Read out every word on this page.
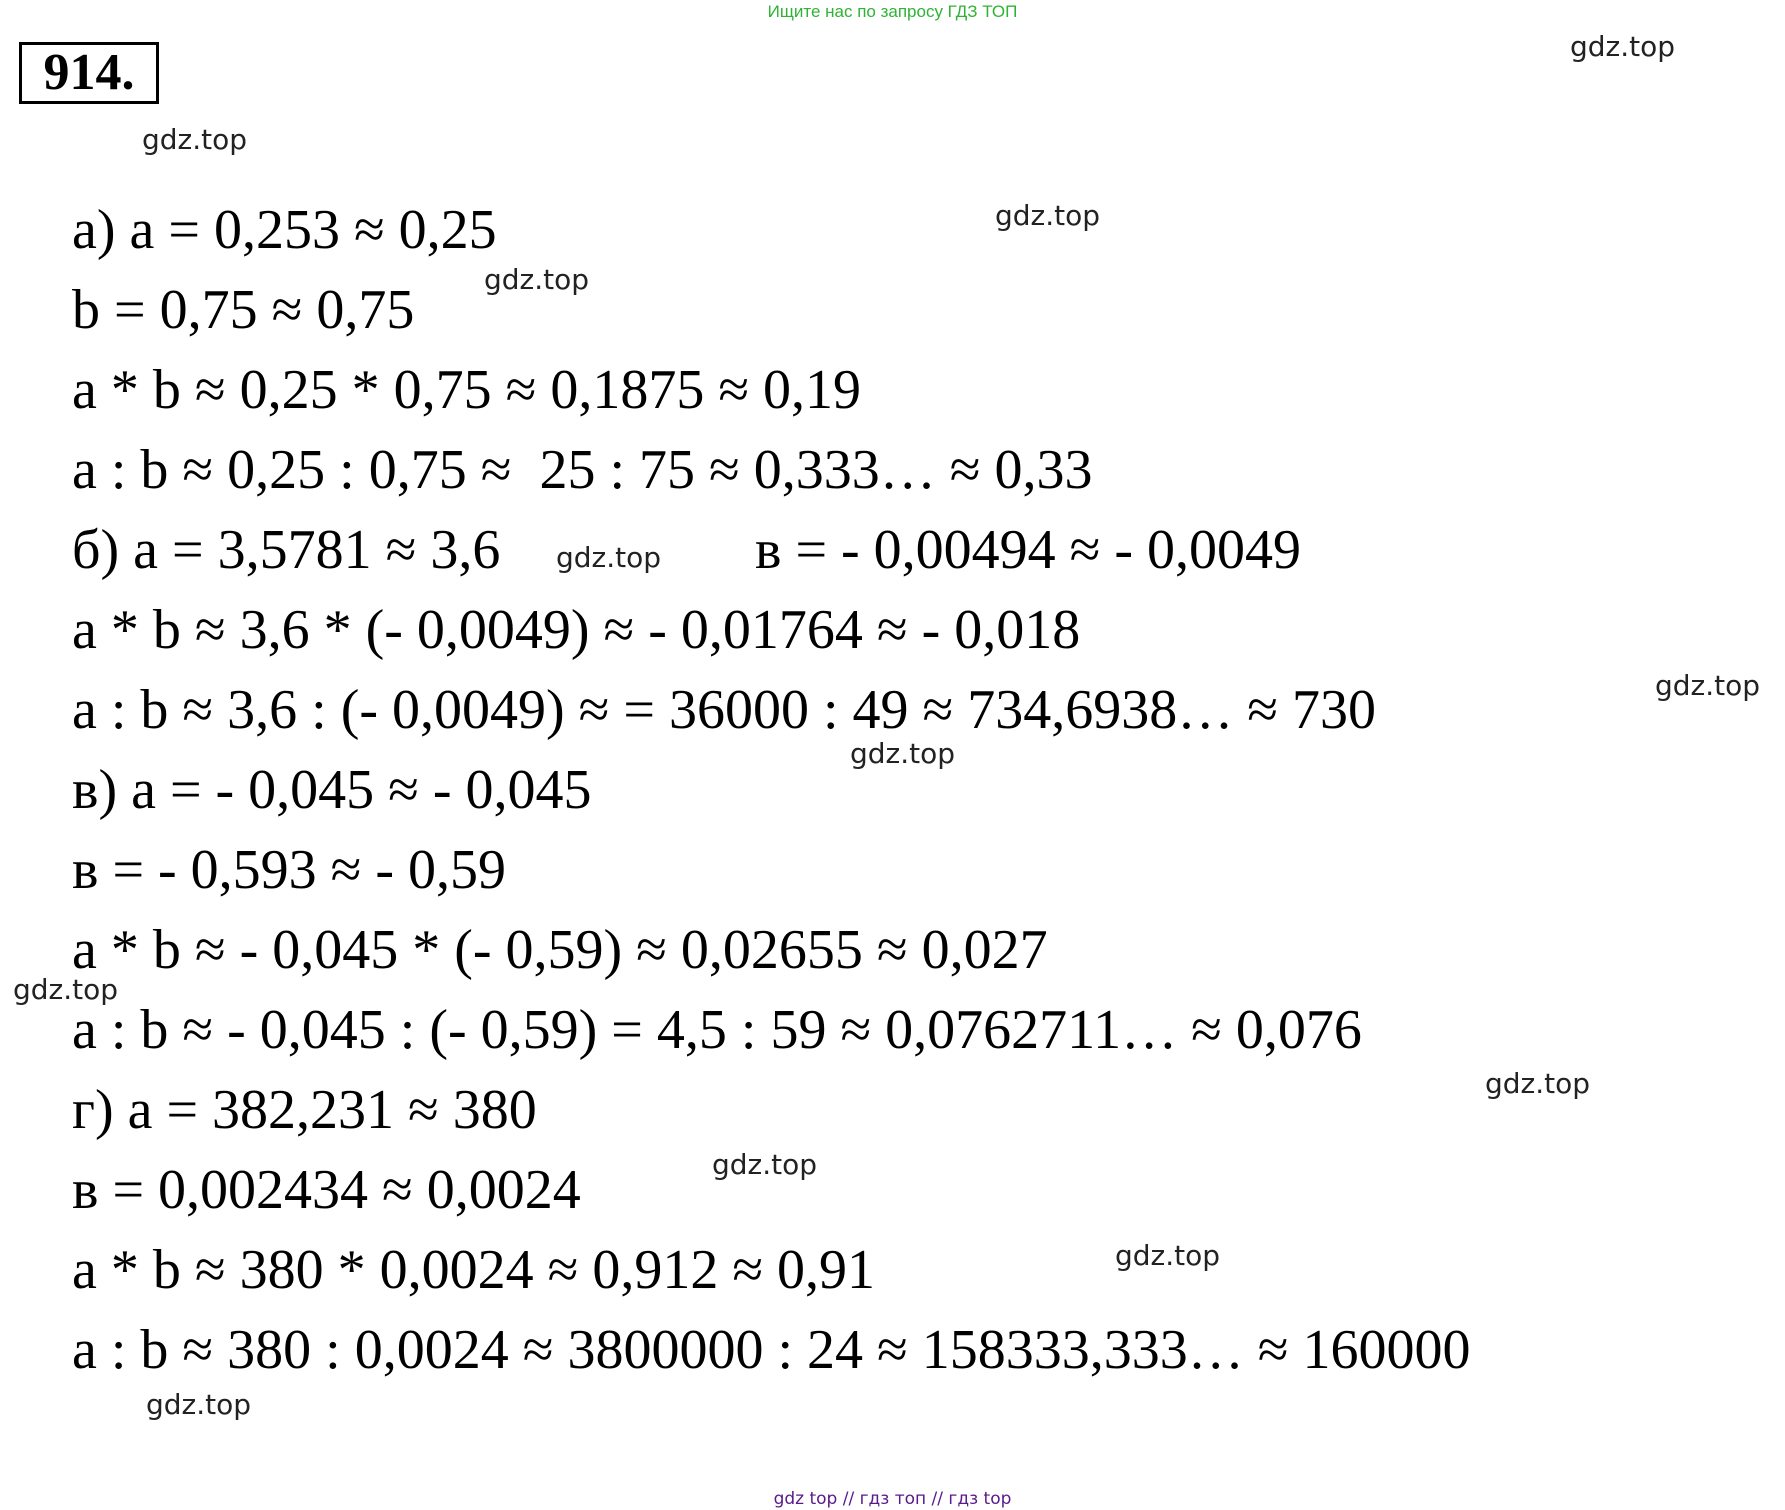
Ищите нас по запросу ГДЗ ТОП
914.	gdz.top
gdz.top
gdz.top
gdz.top
gdz.top
gdz.top
gdz.top
gdz.top
gdz.top
gdz.top
gdz.top
gdz.top
а) a = 0,253 ≈ 0,25
b = 0,75 ≈ 0,75
a * b ≈ 0,25 * 0,75 ≈ 0,1875 ≈ 0,19
a : b ≈ 0,25 : 0,75 ≈  25 : 75 ≈ 0,333… ≈ 0,33
б) a = 3,5781 ≈ 3,6	в = - 0,00494 ≈ - 0,0049
a * b ≈ 3,6 * (- 0,0049) ≈ - 0,01764 ≈ - 0,018
a : b ≈ 3,6 : (- 0,0049) ≈ = 36000 : 49 ≈ 734,6938… ≈ 730
в) a = - 0,045 ≈ - 0,045
в = - 0,593 ≈ - 0,59
a * b ≈ - 0,045 * (- 0,59) ≈ 0,02655 ≈ 0,027
a : b ≈ - 0,045 : (- 0,59) = 4,5 : 59 ≈ 0,0762711… ≈ 0,076
г) a = 382,231 ≈ 380
в = 0,002434 ≈ 0,0024
a * b ≈ 380 * 0,0024 ≈ 0,912 ≈ 0,91
a : b ≈ 380 : 0,0024 ≈ 3800000 : 24 ≈ 158333,333… ≈ 160000
gdz top // гдз топ // гдз top
